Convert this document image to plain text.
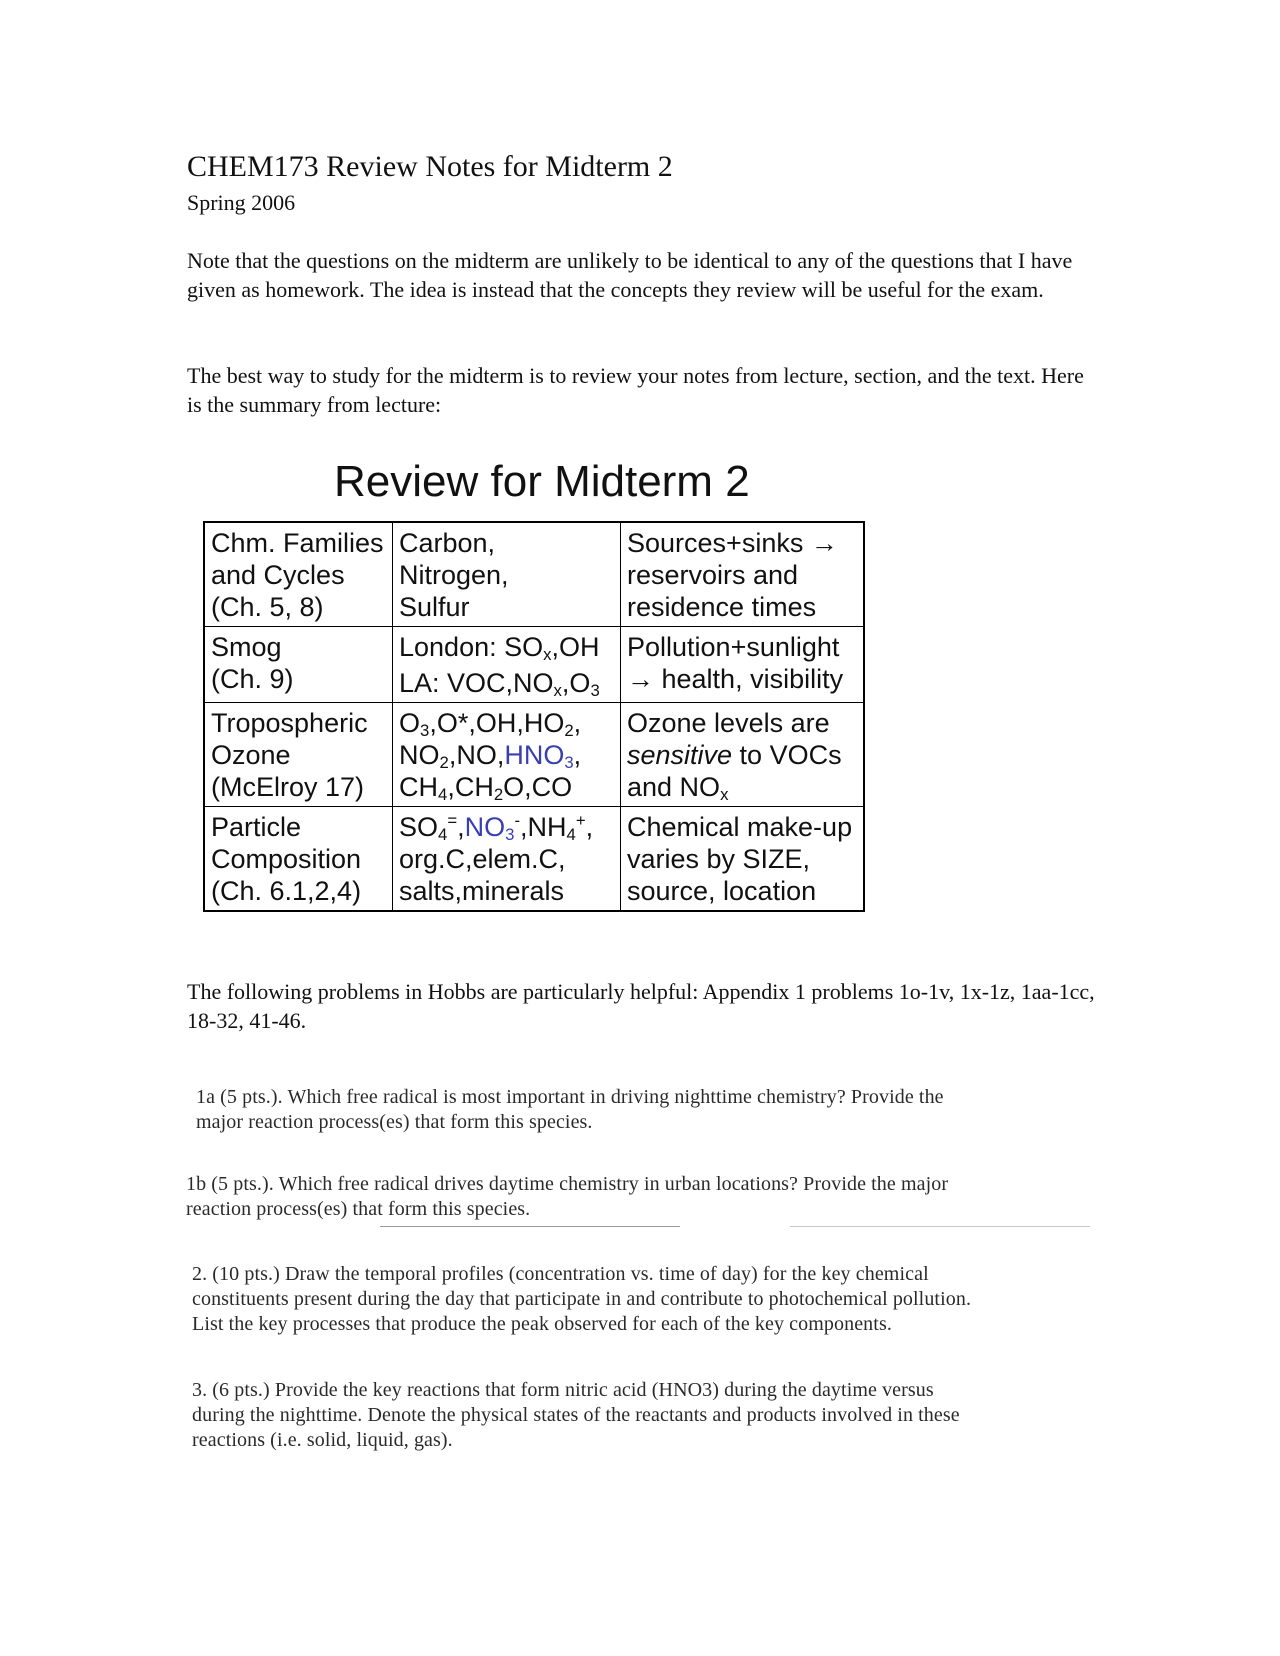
CHEM173 Review Notes for Midterm 2
Spring 2006
Note that the questions on the midterm are unlikely to be identical to any of the questions that I have given as homework. The idea is instead that the concepts they review will be useful for the exam.
The best way to study for the midterm is to review your notes from lecture, section, and the text. Here is the summary from lecture:
Review for Midterm 2
Chm. Families
and Cycles
(Ch. 5, 8)	Carbon,
Nitrogen,
Sulfur	Sources+sinks →
reservoirs and
residence times

Smog
(Ch. 9)	London: $SO_x,OH$
LA: $VOC,NO_x,O_3$	Pollution+sunlight
→ health, visibility

Tropospheric
Ozone
(McElroy 17)	$O_3,O*,OH,HO_2$,
$NO_2,NO,HNO_3$,
$CH_4,CH_2O,CO$	Ozone levels are
sensitive to VOCs
and $NO_x$

Particle
Composition
(Ch. 6.1,2,4)	$SO_4^=,NO_3^-,NH_4^+$,
org.C,elem.C,
salts,minerals	Chemical make-up
varies by SIZE,
source, location
The following problems in Hobbs are particularly helpful: Appendix 1 problems 1o-1v, 1x-1z, 1aa-1cc, 18-32, 41-46.
1a (5 pts.). Which free radical is most important in driving nighttime chemistry? Provide the
major reaction process(es) that form this species.
1b (5 pts.). Which free radical drives daytime chemistry in urban locations? Provide the major
reaction process(es) that form this species.
2. (10 pts.) Draw the temporal profiles (concentration vs. time of day) for the key chemical
constituents present during the day that participate in and contribute to photochemical pollution.
List the key processes that produce the peak observed for each of the key components.
3. (6 pts.) Provide the key reactions that form nitric acid (HNO3) during the daytime versus
during the nighttime. Denote the physical states of the reactants and products involved in these
reactions (i.e. solid, liquid, gas).
